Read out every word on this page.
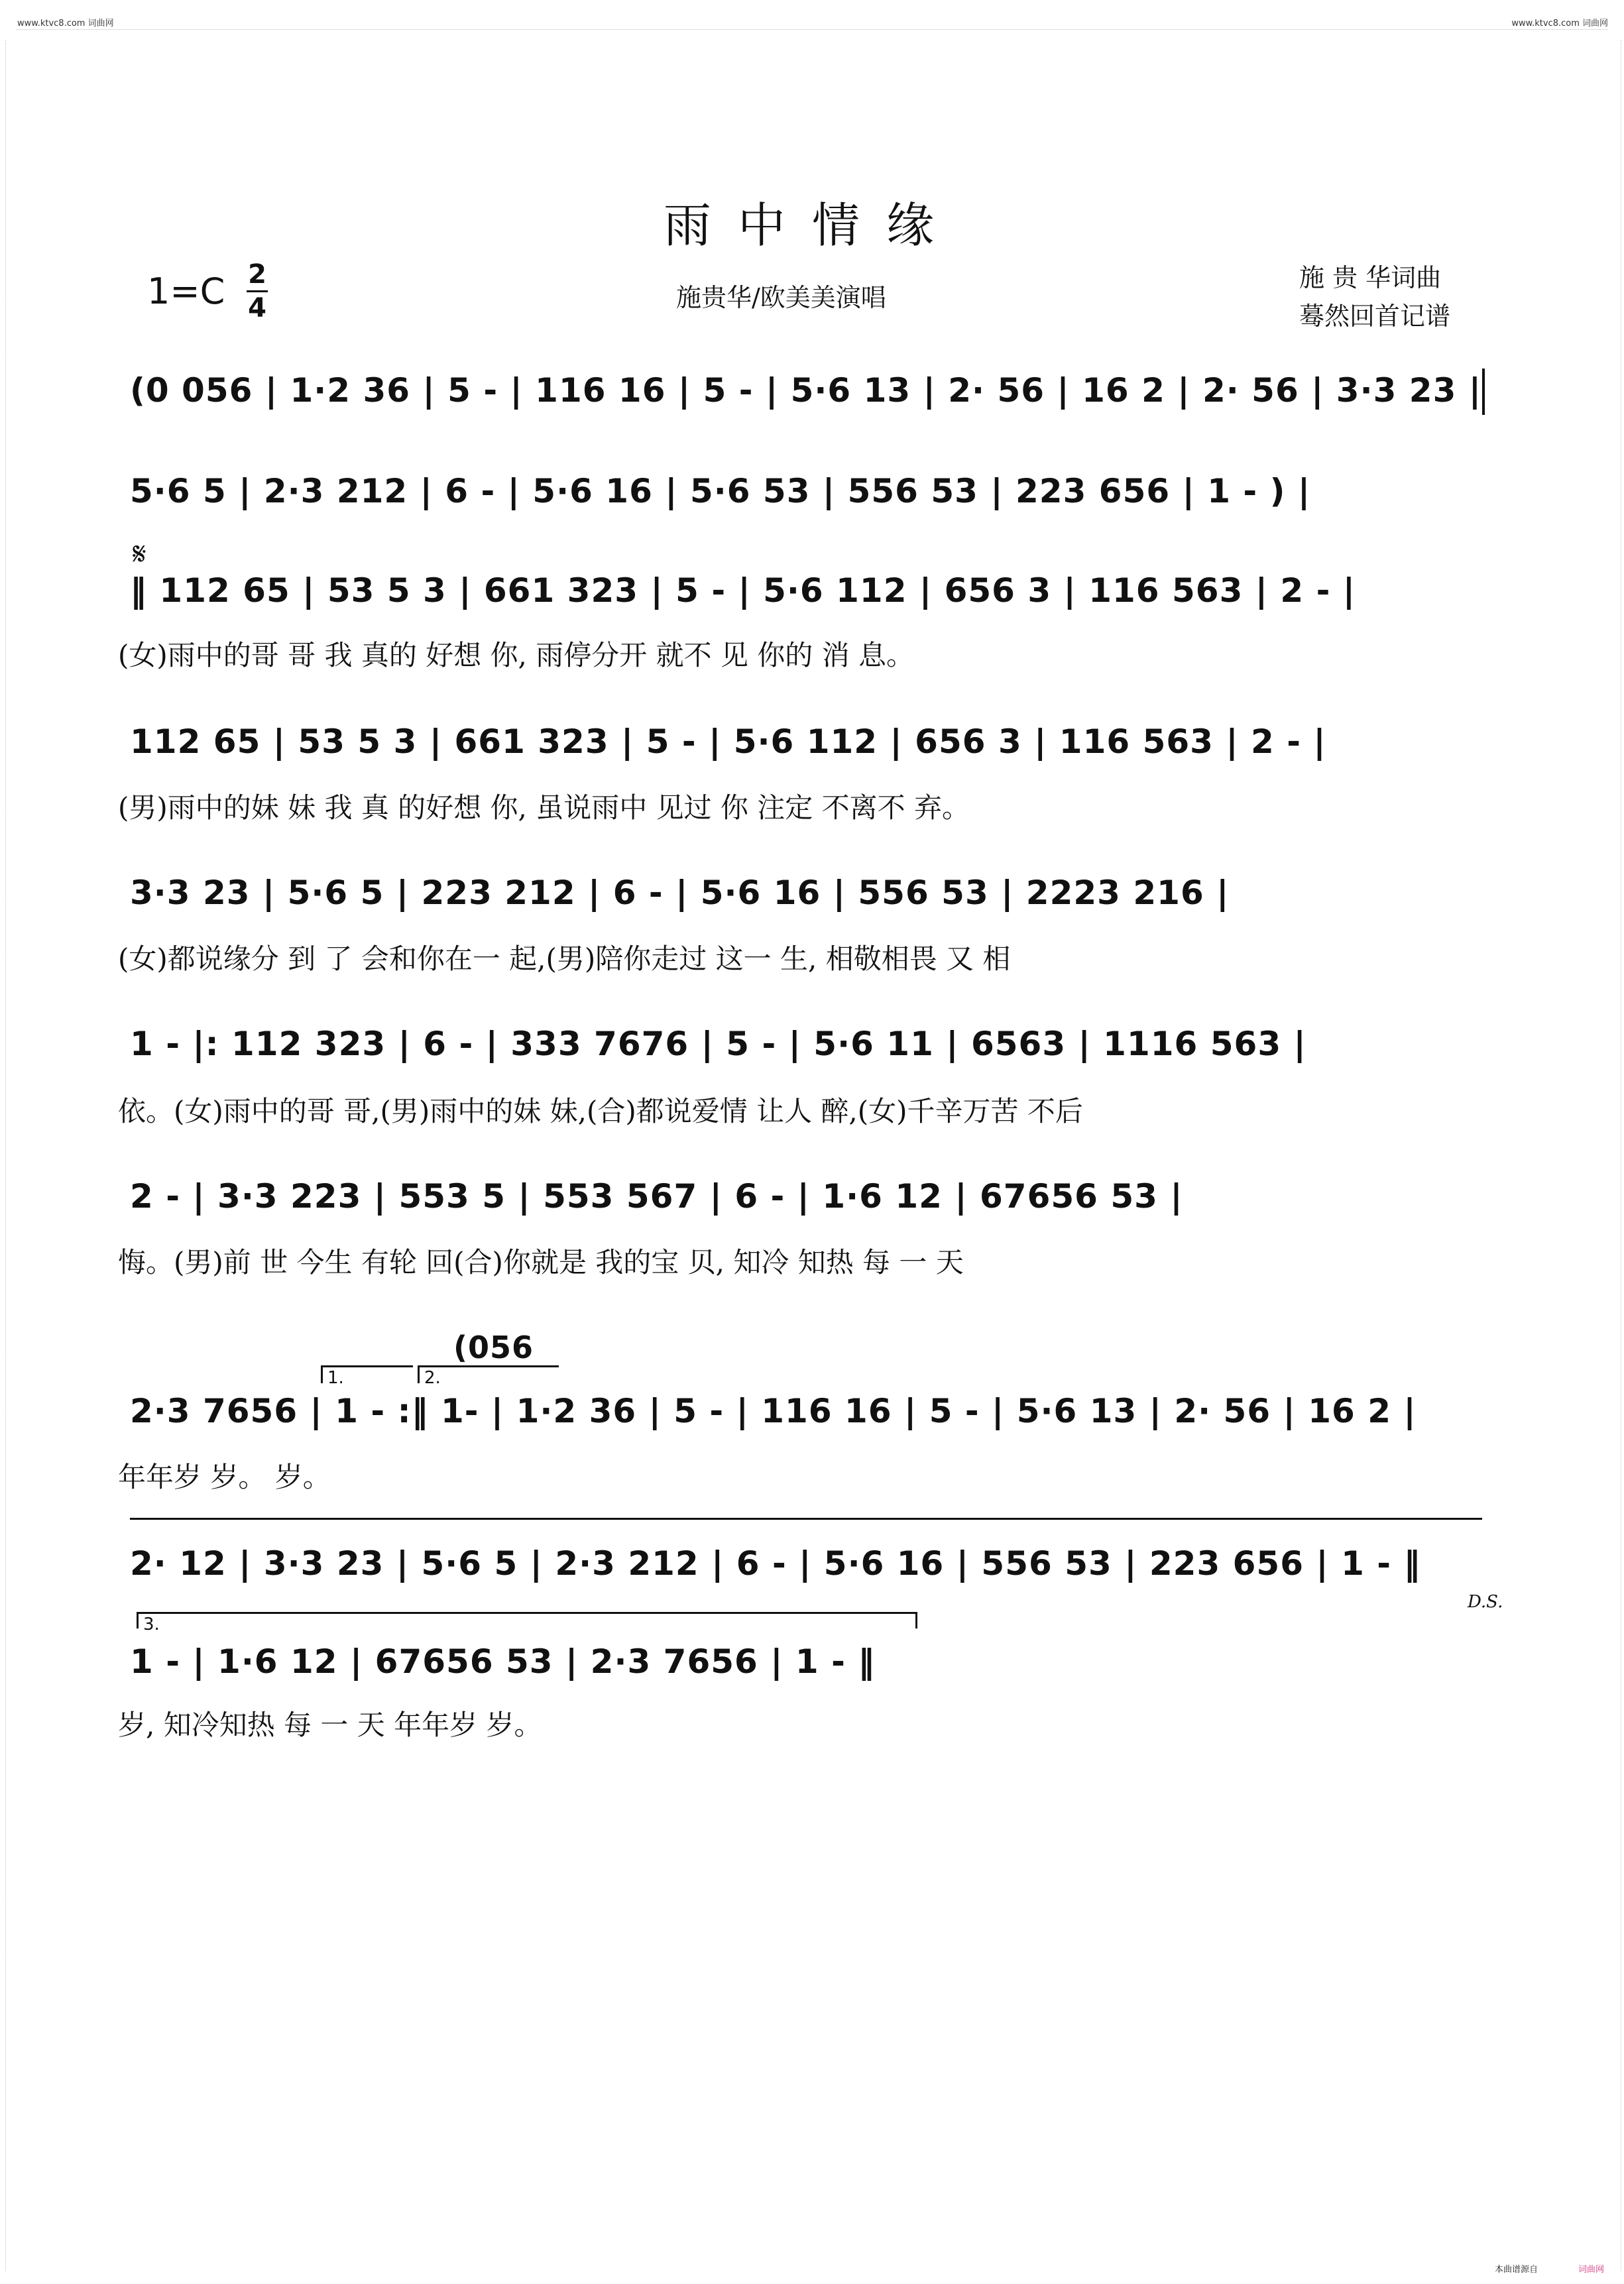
www.ktvc8.com 词曲网	www.ktvc8.com 词曲网
雨中情缘
1=C 2
4	施贵华/欧美美演唱
施 贵 华词曲
蓦然回首记谱
(0 056 | 1·2 36 | 5 - | 116 16 | 5 - | 5·6 13 | 2· 56 | 16 2 | 2· 56 | 3·3 23 |
5·6 5 | 2·3 212 | 6 - | 5·6 16 | 5·6 53 | 556 53 | 223 656 | 1 - ) |
𝄋
‖ 112 65 | 53 5 3 | 661 323 | 5 - | 5·6 112 | 656 3 | 116 563 | 2 - |
(女)雨中的哥 哥 我 真的 好想 你, 雨停分开 就不 见 你的 消 息。
112 65 | 53 5 3 | 661 323 | 5 - | 5·6 112 | 656 3 | 116 563 | 2 - |
(男)雨中的妹 妹 我 真 的好想 你, 虽说雨中 见过 你 注定 不离不 弃。
3·3 23 | 5·6 5 | 223 212 | 6 - | 5·6 16 | 556 53 | 2223 216 |
(女)都说缘分 到 了 会和你在一 起,(男)陪你走过 这一 生, 相敬相畏 又 相
1 - |: 112 323 | 6 - | 333 7676 | 5 - | 5·6 11 | 6563 | 1116 563 |
依。(女)雨中的哥 哥,(男)雨中的妹 妹,(合)都说爱情 让人 醉,(女)千辛万苦 不后
2 - | 3·3 223 | 553 5 | 553 567 | 6 - | 1·6 12 | 67656 53 |
悔。(男)前 世 今生 有轮 回(合)你就是 我的宝 贝, 知冷 知热 每 一 天
(056
1.	2.
2·3 7656 | 1 - :‖ 1- | 1·2 36 | 5 - | 116 16 | 5 - | 5·6 13 | 2· 56 | 16 2 |
年年岁 岁。 岁。
2· 12 | 3·3 23 | 5·6 5 | 2·3 212 | 6 - | 5·6 16 | 556 53 | 223 656 | 1 - ‖
D.S.
3.
1 - | 1·6 12 | 67656 53 | 2·3 7656 | 1 - ‖
岁, 知冷知热 每 一 天 年年岁 岁。
本曲谱源自	词曲网
